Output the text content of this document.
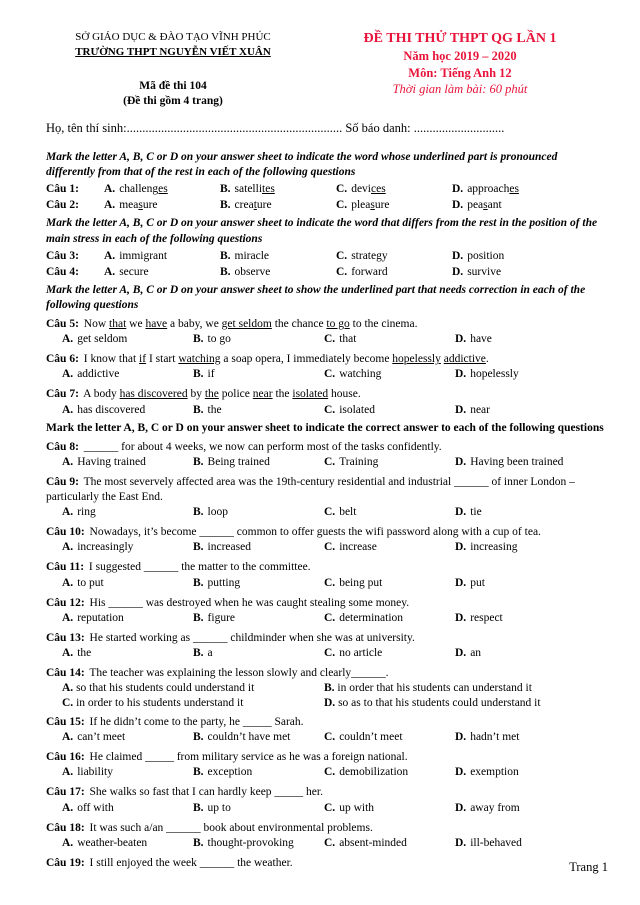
SỞ GIÁO DỤC & ĐÀO TẠO VĨNH PHÚC
TRƯỜNG THPT NGUYỄN VIẾT XUÂN
Mã đề thi 104
(Đề thi gồm 4 trang)
ĐỀ THI THỬ THPT QG LẦN 1
Năm học 2019 – 2020
Môn: Tiếng Anh 12
Thời gian làm bài: 60 phút
Họ, tên thí sinh:..................................................................... Số báo danh: .............................
Mark the letter A, B, C or D on your answer sheet to indicate the word whose underlined part is pronounced differently from that of the rest in each of the following questions
Câu 1:	A. challenges	B. satellites	C. devices	D. approaches
Câu 2:	A. measure	B. creature	C. pleasure	D. peasant
Mark the letter A, B, C or D on your answer sheet to indicate the word that differs from the rest in the position of the main stress in each of the following questions
Câu 3:	A. immigrant	B. miracle	C. strategy	D. position
Câu 4:	A. secure	B. observe	C. forward	D. survive
Mark the letter A, B, C or D on your answer sheet to show the underlined part that needs correction in each of the following questions
Câu 5: Now that we have a baby, we get seldom the chance to go to the cinema.
A. get seldom	B. to go	C. that	D. have
Câu 6: I know that if I start watching a soap opera, I immediately become hopelessly addictive.
A. addictive	B. if	C. watching	D. hopelessly
Câu 7: A body has discovered by the police near the isolated house.
A. has discovered	B. the	C. isolated	D. near
Mark the letter A, B, C or D on your answer sheet to indicate the correct answer to each of the following questions
Câu 8: ______ for about 4 weeks, we now can perform most of the tasks confidently.
A. Having trained	B. Being trained	C. Training	D. Having been trained
Câu 9: The most severvely affected area was the 19th-century residential and industrial ______ of inner London – particularly the East End.
A. ring	B. loop	C. belt	D. tie
Câu 10: Nowadays, it’s become ______ common to offer guests the wifi password along with a cup of tea.
A. increasingly	B. increased	C. increase	D. increasing
Câu 11: I suggested ______ the matter to the committee.
A. to put	B. putting	C. being put	D. put
Câu 12: His ______ was destroyed when he was caught stealing some money.
A. reputation	B. figure	C. determination	D. respect
Câu 13: He started working as ______ childminder when she was at university.
A. the	B. a	C. no article	D. an
Câu 14: The teacher was explaining the lesson slowly and clearly______.
A. so that his students could understand it	B. in order that his students can understand it
C. in order to his students understand it	D. so as to that his students could understand it
Câu 15: If he didn’t come to the party, he _____ Sarah.
A. can’t meet	B. couldn’t have met	C. couldn’t meet	D. hadn’t met
Câu 16: He claimed _____ from military service as he was a foreign national.
A. liability	B. exception	C. demobilization	D. exemption
Câu 17: She walks so fast that I can hardly keep _____ her.
A. off with	B. up to	C. up with	D. away from
Câu 18: It was such a/an ______ book about environmental problems.
A. weather-beaten	B. thought-provoking	C. absent-minded	D. ill-behaved
Câu 19: I still enjoyed the week ______ the weather.	Trang 1
